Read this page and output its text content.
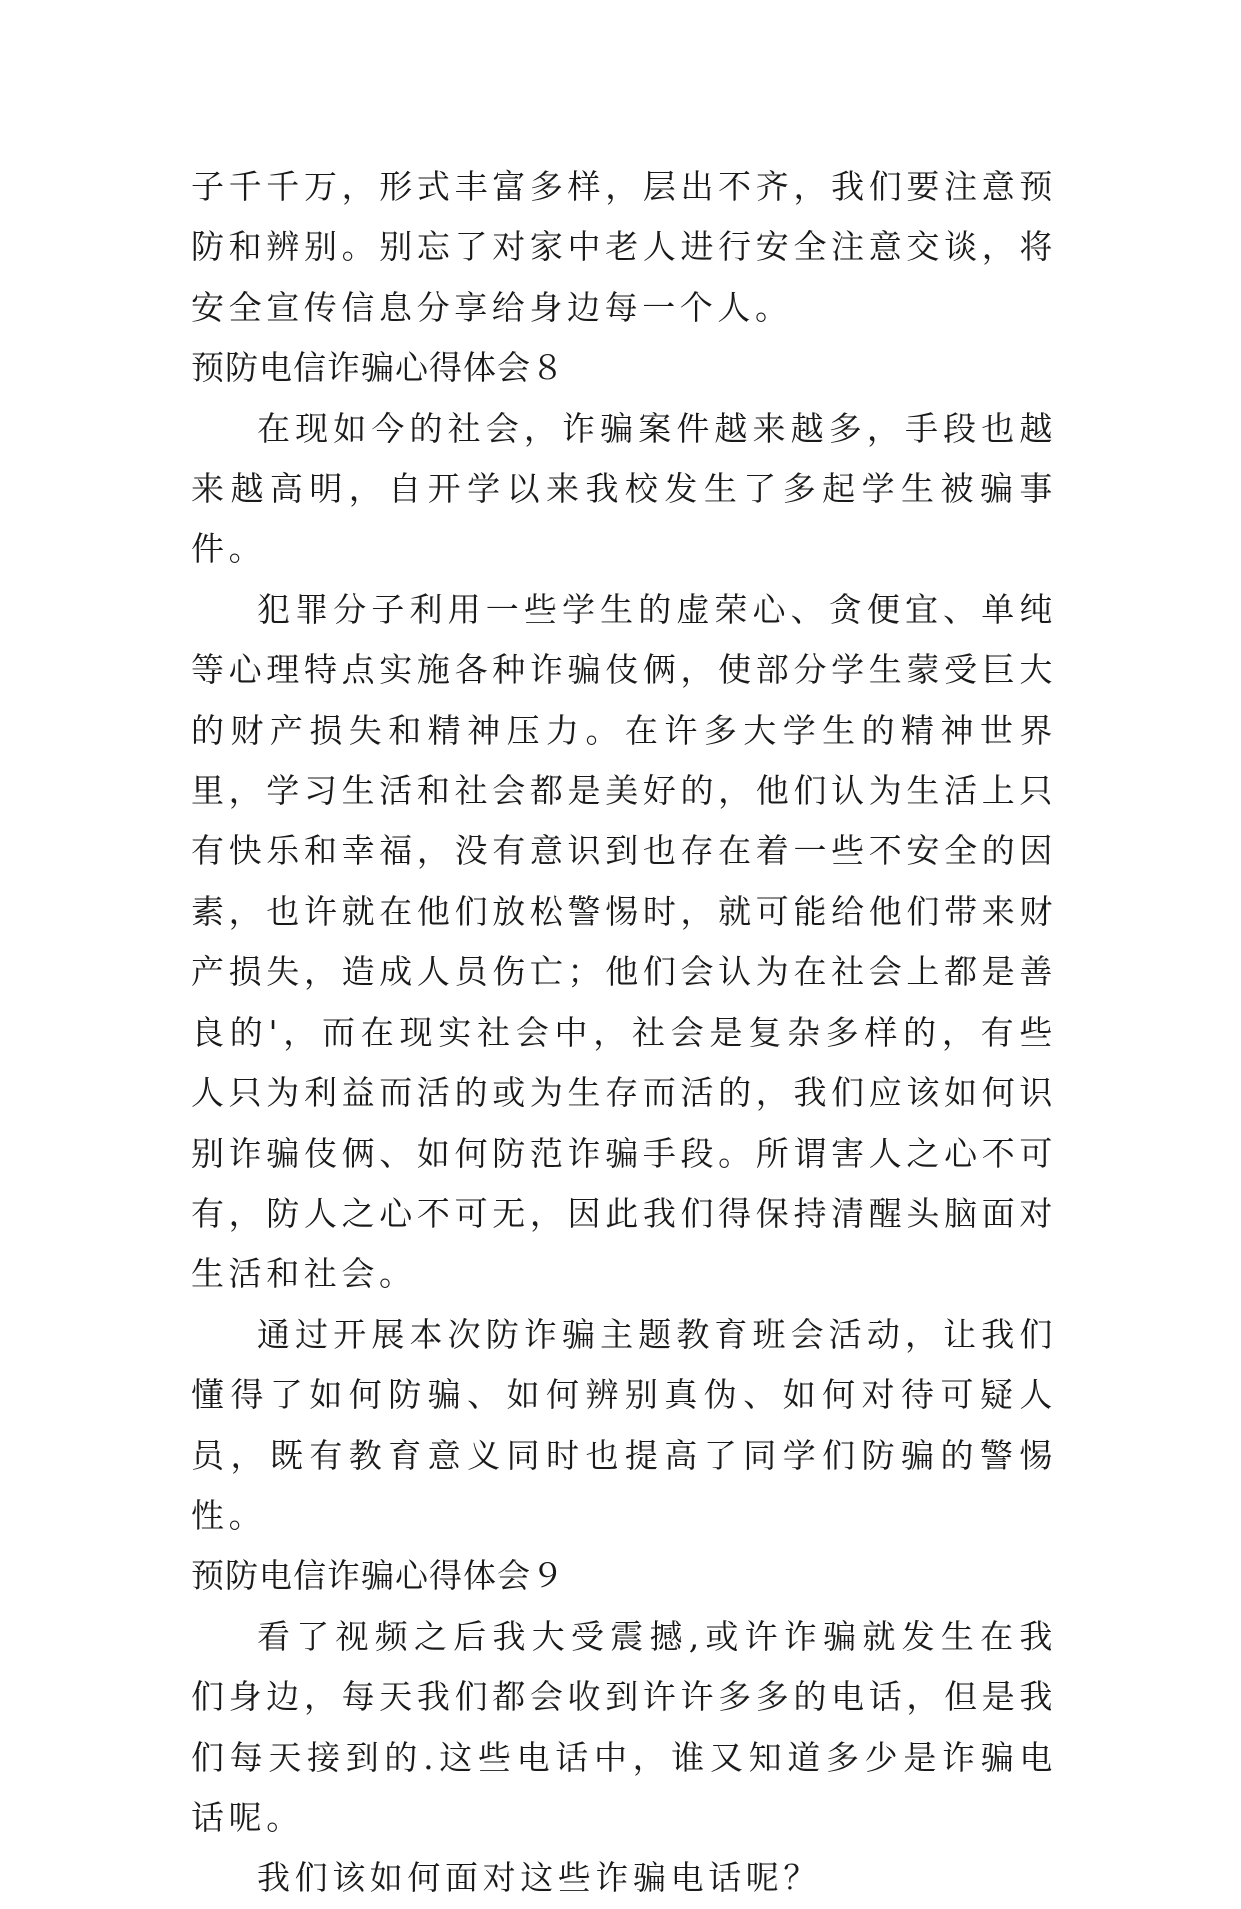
子千千万，形式丰富多样，层出不齐，我们要注意预防和辨别。别忘了对家中老人进行安全注意交谈，将安全宣传信息分享给身边每一个人。

预防电信诈骗心得体会８

在现如今的社会，诈骗案件越来越多，手段也越来越高明，自开学以来我校发生了多起学生被骗事件。

犯罪分子利用一些学生的虚荣心、贪便宜、单纯等心理特点实施各种诈骗伎俩，使部分学生蒙受巨大的财产损失和精神压力。在许多大学生的精神世界里，学习生活和社会都是美好的，他们认为生活上只有快乐和幸福，没有意识到也存在着一些不安全的因素，也许就在他们放松警惕时，就可能给他们带来财产损失，造成人员伤亡；他们会认为在社会上都是善良的'，而在现实社会中，社会是复杂多样的，有些人只为利益而活的或为生存而活的，我们应该如何识别诈骗伎俩、如何防范诈骗手段。所谓害人之心不可有，防人之心不可无，因此我们得保持清醒头脑面对生活和社会。

通过开展本次防诈骗主题教育班会活动，让我们懂得了如何防骗、如何辨别真伪、如何对待可疑人员，既有教育意义同时也提高了同学们防骗的警惕性。

预防电信诈骗心得体会９

看了视频之后我大受震撼,或许诈骗就发生在我们身边，每天我们都会收到许许多多的电话，但是我们每天接到的.这些电话中，谁又知道多少是诈骗电话呢。

我们该如何面对这些诈骗电话呢？
